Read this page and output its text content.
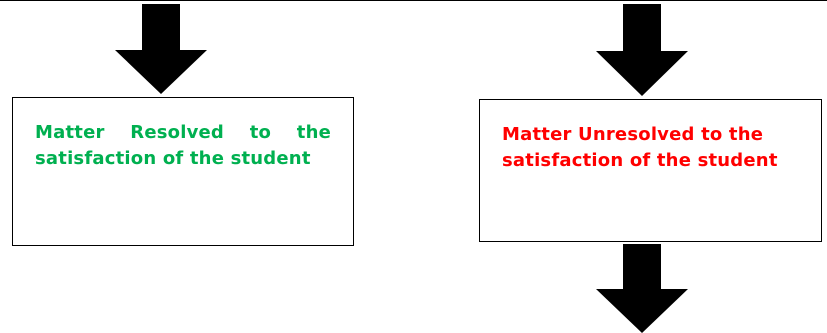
Matter Resolved to the satisfaction of the student

Matter Unresolved to the satisfaction of the student
